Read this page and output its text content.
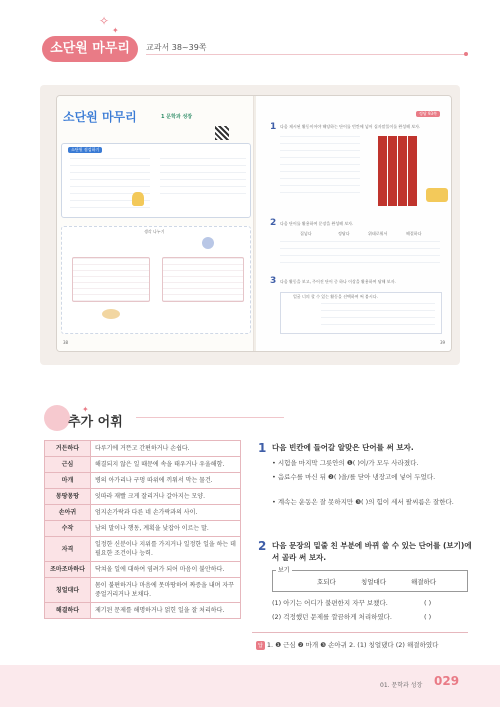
✧
✦
소단원 마무리	교과서 38~39쪽
소단원 마무리	1 문학과 성장
소단원 점검하기
생각 나누기
38
정답 93쪽
1 다음 제시된 활동이어야 해당하는 단어를 빈칸에 넣어 십자말풀이를 완성해 보자.
2 다음 단어를 활용하여 문장을 완성해 보자.
집넣다	정답다	위태로워서	해결하다
3 다음 활동을 보고, 주어진 단어 중 하나 이상을 활용하여 답해 보자.
얼굴 너의 할 수 있는 활동을 선택하여 써 봅시다.
39
추가 어휘
✦
거든하다	다루기에 거뜬고 간편하거나 손쉽다.
근심	해결되지 않은 일 때문에 속을 태우거나 우울해함.
마개	병의 아가리나 구멍 따위에 끼워서 막는 물건.
몽땅몽땅	잇따라 재빨 크게 잘리거나 갈아지는 모양.
손아귀	엄지손가락과 다른 네 손가락과의 사이.
수작	남의 말이나 행동, 계획을 낮잡아 이르는 말.
자격	일정한 신분이나 지위를 가지거나 일정한 일을 하는 데 필요한 조건이나 능력.
조마조마하다	닥쳐올 일에 대하여 염려가 되어 마음이 불안하다.
칭얼대다	몸이 불편하거나 마음에 못마땅하여 짜증을 내며 자꾸 중얼거리거나 보채다.
해결하다	제기된 문제를 해명하거나 얽힌 일을 잘 처리하다.
1 다음 빈칸에 들어갈 알맞은 단어를 써 보자.
• 시험을 마지막 그릇안의 ❶( )이/가 모두 사라졌다.
• 음료수를 마신 뒤 ❷( )을/를 닫아 냉장고에 넣어 두었다.
• 계속는 운동은 잘 못하지만 ❸( )의 힘이 세서 팔씨름은 잘한다.
2 다음 문장의 밑줄 친 부분에 바뀌 쓸 수 있는 단어를 (보기)에서 골라 써 보자.
보기
호되다	칭얼대다	해결하다
(1) 아기는 어디가 불편한지 자꾸 보챘다.	( )
(2) 걱정했던 문제를 깔끔하게 처리하였다.	( )
답 1. ❶ 근심 ❷ 마개 ❸ 손아귀 2. (1) 칭얼댔다 (2) 해결하였다
01. 문학과 성장 029
